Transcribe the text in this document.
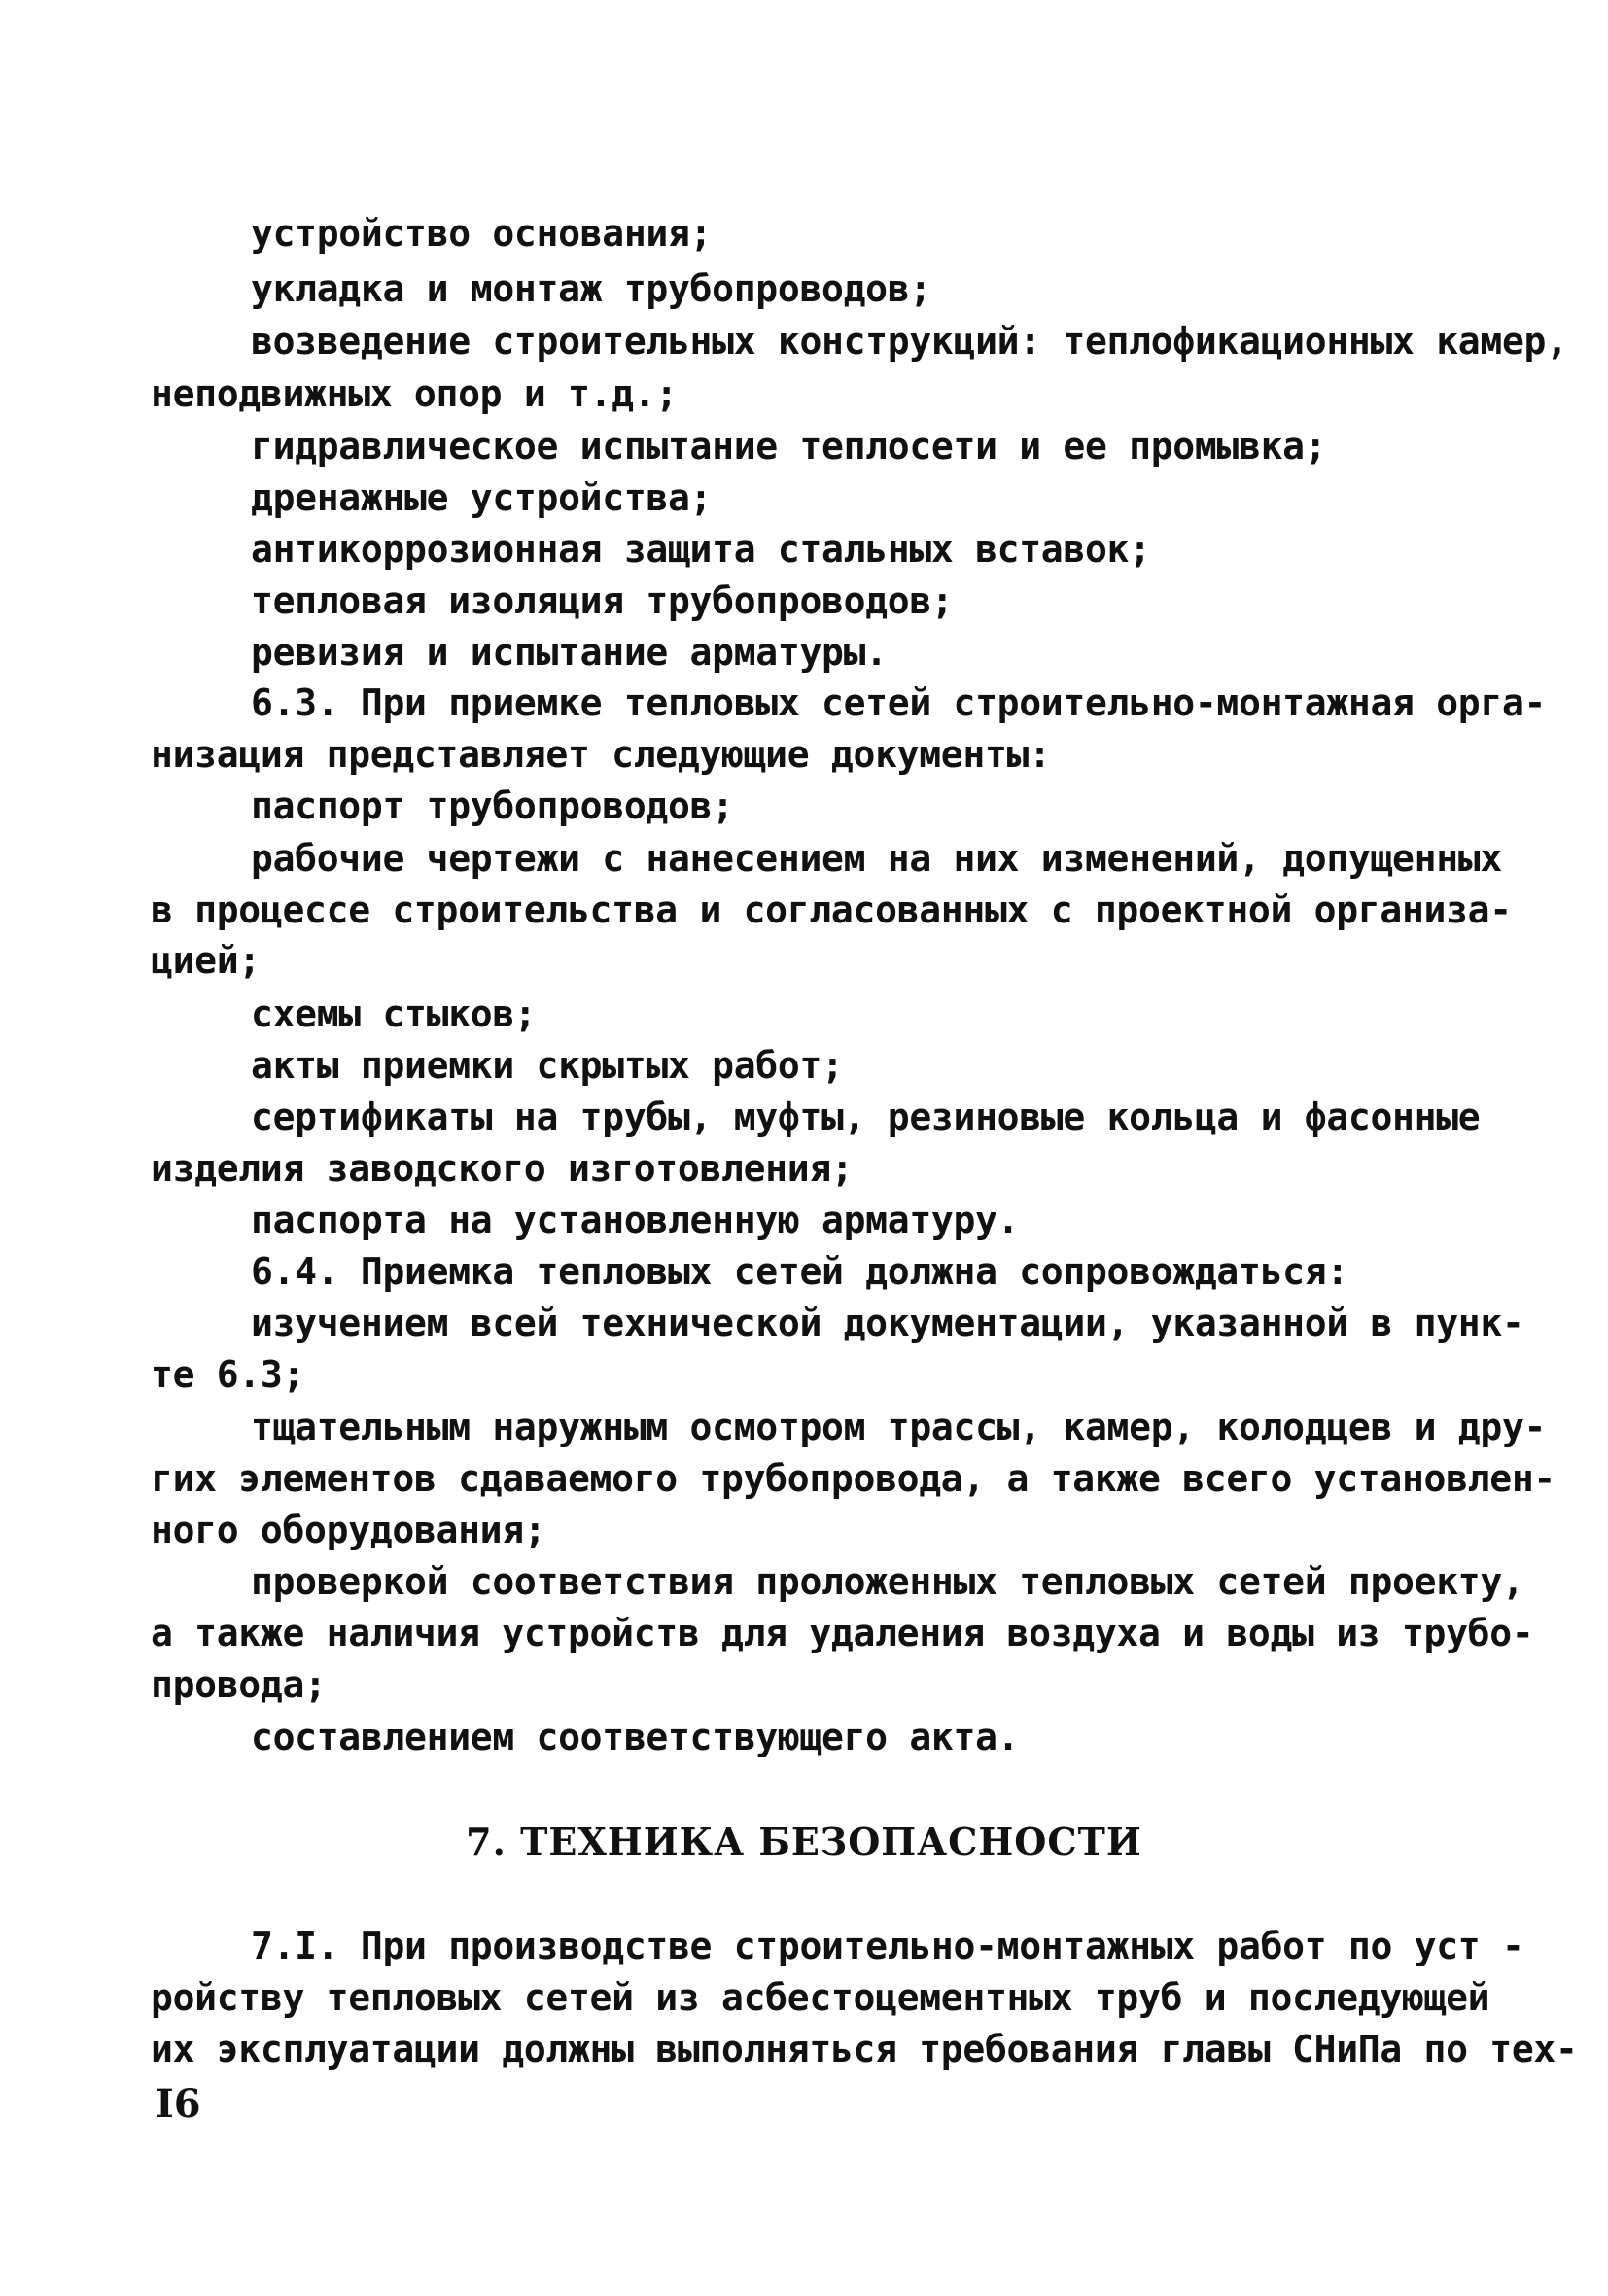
устройство основания;
укладка и монтаж трубопроводов;
возведение строительных конструкций: теплофикационных камер,
неподвижных опор и т.д.;
гидравлическое испытание теплосети и ее промывка;
дренажные устройства;
антикоррозионная защита стальных вставок;
тепловая изоляция трубопроводов;
ревизия и испытание арматуры.
6.3. При приемке тепловых сетей строительно-монтажная орга-
низация представляет следующие документы:
паспорт трубопроводов;
рабочие чертежи с нанесением на них изменений, допущенных
в процессе строительства и согласованных с проектной организа-
цией;
схемы стыков;
акты приемки скрытых работ;
сертификаты на трубы, муфты, резиновые кольца и фасонные
изделия заводского изготовления;
паспорта на установленную арматуру.
6.4. Приемка тепловых сетей должна сопровождаться:
изучением всей технической документации, указанной в пунк-
те 6.3;
тщательным наружным осмотром трассы, камер, колодцев и дру-
гих элементов сдаваемого трубопровода, а также всего установлен-
ного оборудования;
проверкой соответствия проложенных тепловых сетей проекту,
а также наличия устройств для удаления воздуха и воды из трубо-
провода;
составлением соответствующего акта.
7. ТЕХНИКА БЕЗОПАСНОСТИ
7.I. При производстве строительно-монтажных работ по уст -
ройству тепловых сетей из асбестоцементных труб и последующей
их эксплуатации должны выполняться требования главы СНиПа по тех-
I6
